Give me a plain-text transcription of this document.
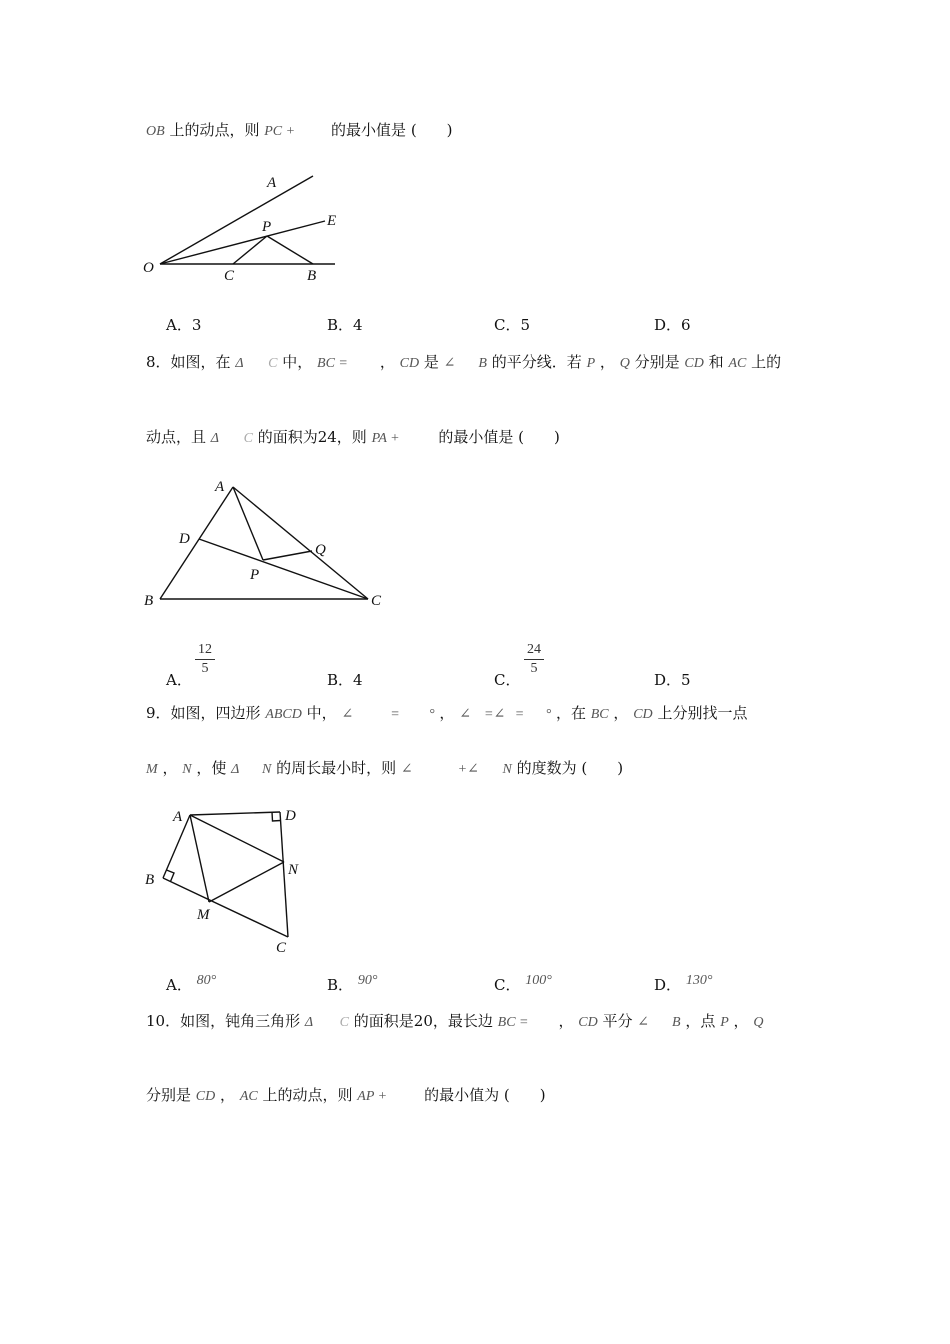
OB 上的动点，则 PC + 的最小值是 (　　)
A
E
P
O	C	B
A．3	B．4	C．5	D．6
8．如图，在 Δ C 中， BC = ， CD 是 ∠ B 的平分线．若 P ， Q 分别是 CD 和 AC 上的
动点，且 Δ C 的面积为24，则 PA +	的最小值是 (　　)
A
D
Q
P
B	C
A．
12
5
B．4	C．
24
5
D．5
9．如图，四边形 ABCD 中， ∠	= ° ， ∠ =∠ = ° ，在 BC ， CD 上分别找一点
M ， N ，使 Δ N 的周长最小时，则 ∠	+∠ N 的度数为 (　　)
A	D
B
N
M
C
A． 80°	B． 90°	C． 100°	D． 130°
10．如图，钝角三角形 Δ C 的面积是20，最长边 BC = ， CD 平分 ∠ B ，点 P ， Q
分别是 CD ， AC 上的动点，则 AP + 的最小值为 (　　)
